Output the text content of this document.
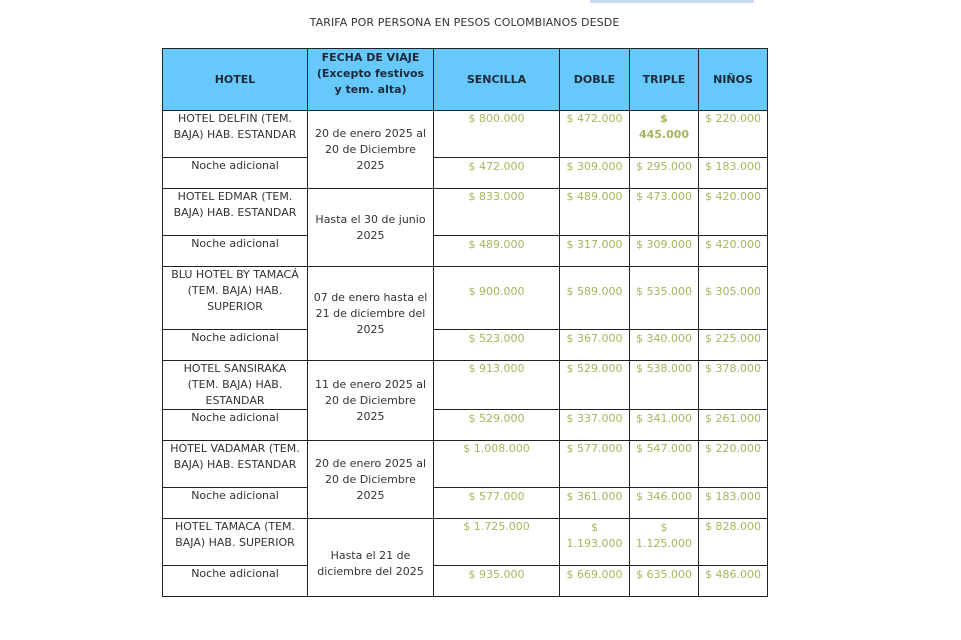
TARIFA POR PERSONA EN PESOS COLOMBIANOS DESDE
HOTEL	FECHA DE VIAJE (Excepto festivos y tem. alta)	SENCILLA	DOBLE	TRIPLE	NIÑOS
HOTEL DELFIN (TEM. BAJA) HAB. ESTANDAR	20 de enero 2025 al 20 de Diciembre 2025	$ 800.000	$ 472.000	$ 445.000	$ 220.000
Noche adicional		$ 472.000	$ 309.000	$ 295.000	$ 183.000
HOTEL EDMAR (TEM. BAJA) HAB. ESTANDAR	Hasta el 30 de junio 2025	$ 833.000	$ 489.000	$ 473.000	$ 420.000
Noche adicional		$ 489.000	$ 317.000	$ 309.000	$ 420.000
BLU HOTEL BY TAMACÁ (TEM. BAJA) HAB. SUPERIOR	07 de enero hasta el 21 de diciembre del 2025	$ 900.000	$ 589.000	$ 535.000	$ 305.000
Noche adicional		$ 523.000	$ 367.000	$ 340.000	$ 225.000
HOTEL SANSIRAKA (TEM. BAJA) HAB. ESTANDAR	11 de enero 2025 al 20 de Diciembre 2025	$ 913.000	$ 529.000	$ 538.000	$ 378.000
Noche adicional		$ 529.000	$ 337.000	$ 341.000	$ 261.000
HOTEL VADAMAR (TEM. BAJA) HAB. ESTANDAR	20 de enero 2025 al 20 de Diciembre 2025	$ 1.008.000	$ 577.000	$ 547.000	$ 220.000
Noche adicional		$ 577.000	$ 361.000	$ 346.000	$ 183.000
HOTEL TAMACA (TEM. BAJA) HAB. SUPERIOR	Hasta el 21 de diciembre del 2025	$ 1.725.000	$ 1.193.000	$ 1.125.000	$ 828.000
Noche adicional		$ 935.000	$ 669.000	$ 635.000	$ 486.000
